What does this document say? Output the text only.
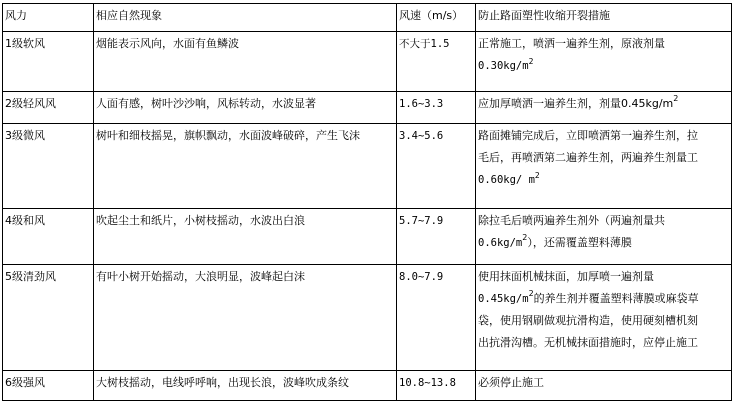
风力	相应自然现象	风速（m/s）	防止路面塑性收缩开裂措施
1级软风	烟能表示风向，水面有鱼鳞波	不大于1.5	正常施工，喷洒一遍养生剂，原液剂量
$0.30kg/m^2$

2级轻风风	人面有感，树叶沙沙响，风标转动，水波显著	1.6~3.3	应加厚喷洒一遍养生剂，剂量$0.45kg/m^2$
3级微风	树叶和细枝摇晃，旗帜飘动，水面波峰破碎，产生飞沫	3.4~5.6	路面摊铺完成后，立即喷洒第一遍养生剂，拉
毛后，再喷洒第二遍养生剂，两遍养生剂量工
0.60kg/ $m^2$

4级和风	吹起尘土和纸片，小树枝摇动，水波出白浪	5.7~7.9	除拉毛后喷两遍养生剂外（两遍剂量共
$0.6kg/m^2$），还需覆盖塑料薄膜

5级清劲风	有叶小树开始摇动，大浪明显，波峰起白沫	8.0~7.9	使用抹面机械抹面，加厚喷一遍剂量
$0.45kg/m^2$的养生剂并覆盖塑料薄膜或麻袋草
袋，使用钢刷做观抗滑构造，使用硬刻槽机刻
出抗滑沟槽。无机械抹面措施时，应停止施工

6级强风	大树枝摇动，电线呼呼响，出现长浪，波峰吹成条纹	10.8~13.8	必须停止施工
